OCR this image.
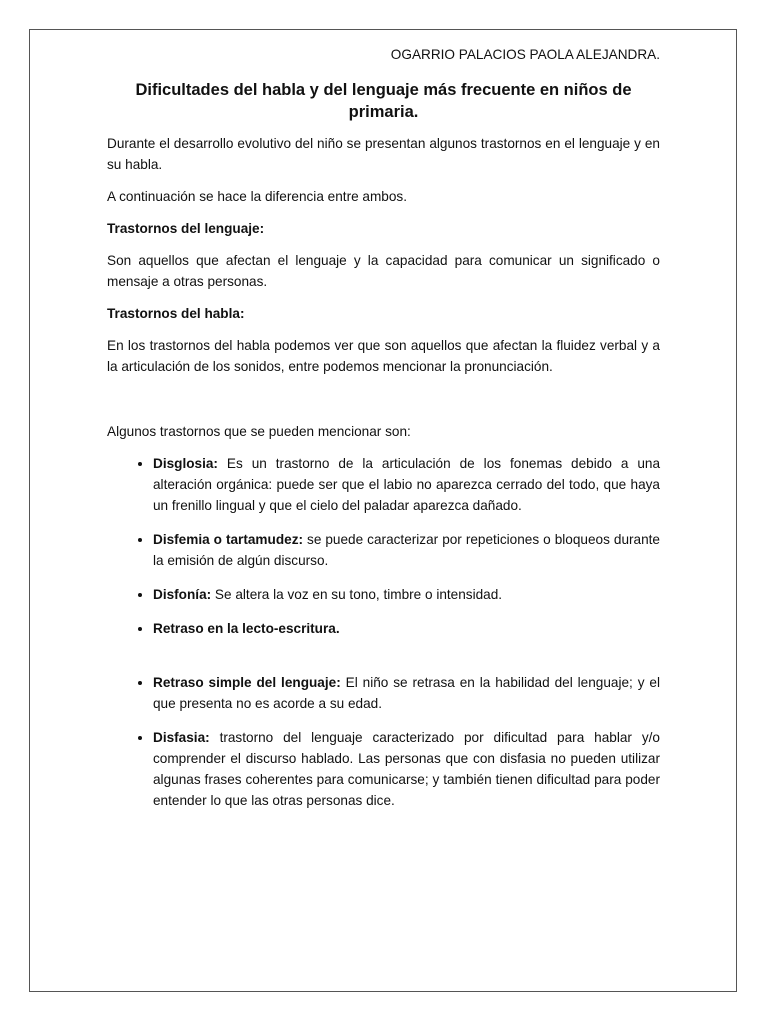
OGARRIO PALACIOS PAOLA ALEJANDRA.
Dificultades del habla y del lenguaje más frecuente en niños de primaria.

Durante el desarrollo evolutivo del niño se presentan algunos trastornos en el lenguaje y en su habla.

A continuación se hace la diferencia entre ambos.

Trastornos del lenguaje:

Son aquellos que afectan el lenguaje y la capacidad para comunicar un significado o mensaje a otras personas.

Trastornos del habla:

En los trastornos del habla podemos ver que son aquellos que afectan la fluidez verbal y a la articulación de los sonidos, entre podemos mencionar la pronunciación.

Algunos trastornos que se pueden mencionar son:

• Disglosia: Es un trastorno de la articulación de los fonemas debido a una alteración orgánica: puede ser que el labio no aparezca cerrado del todo, que haya un frenillo lingual y que el cielo del paladar aparezca dañado.
• Disfemia o tartamudez: se puede caracterizar por repeticiones o bloqueos durante la emisión de algún discurso.
• Disfonía: Se altera la voz en su tono, timbre o intensidad.
• Retraso en la lecto-escritura.
• Retraso simple del lenguaje: El niño se retrasa en la habilidad del lenguaje; y el que presenta no es acorde a su edad.
• Disfasia: trastorno del lenguaje caracterizado por dificultad para hablar y/o comprender el discurso hablado. Las personas que con disfasia no pueden utilizar algunas frases coherentes para comunicarse; y también tienen dificultad para poder entender lo que las otras personas dice.
